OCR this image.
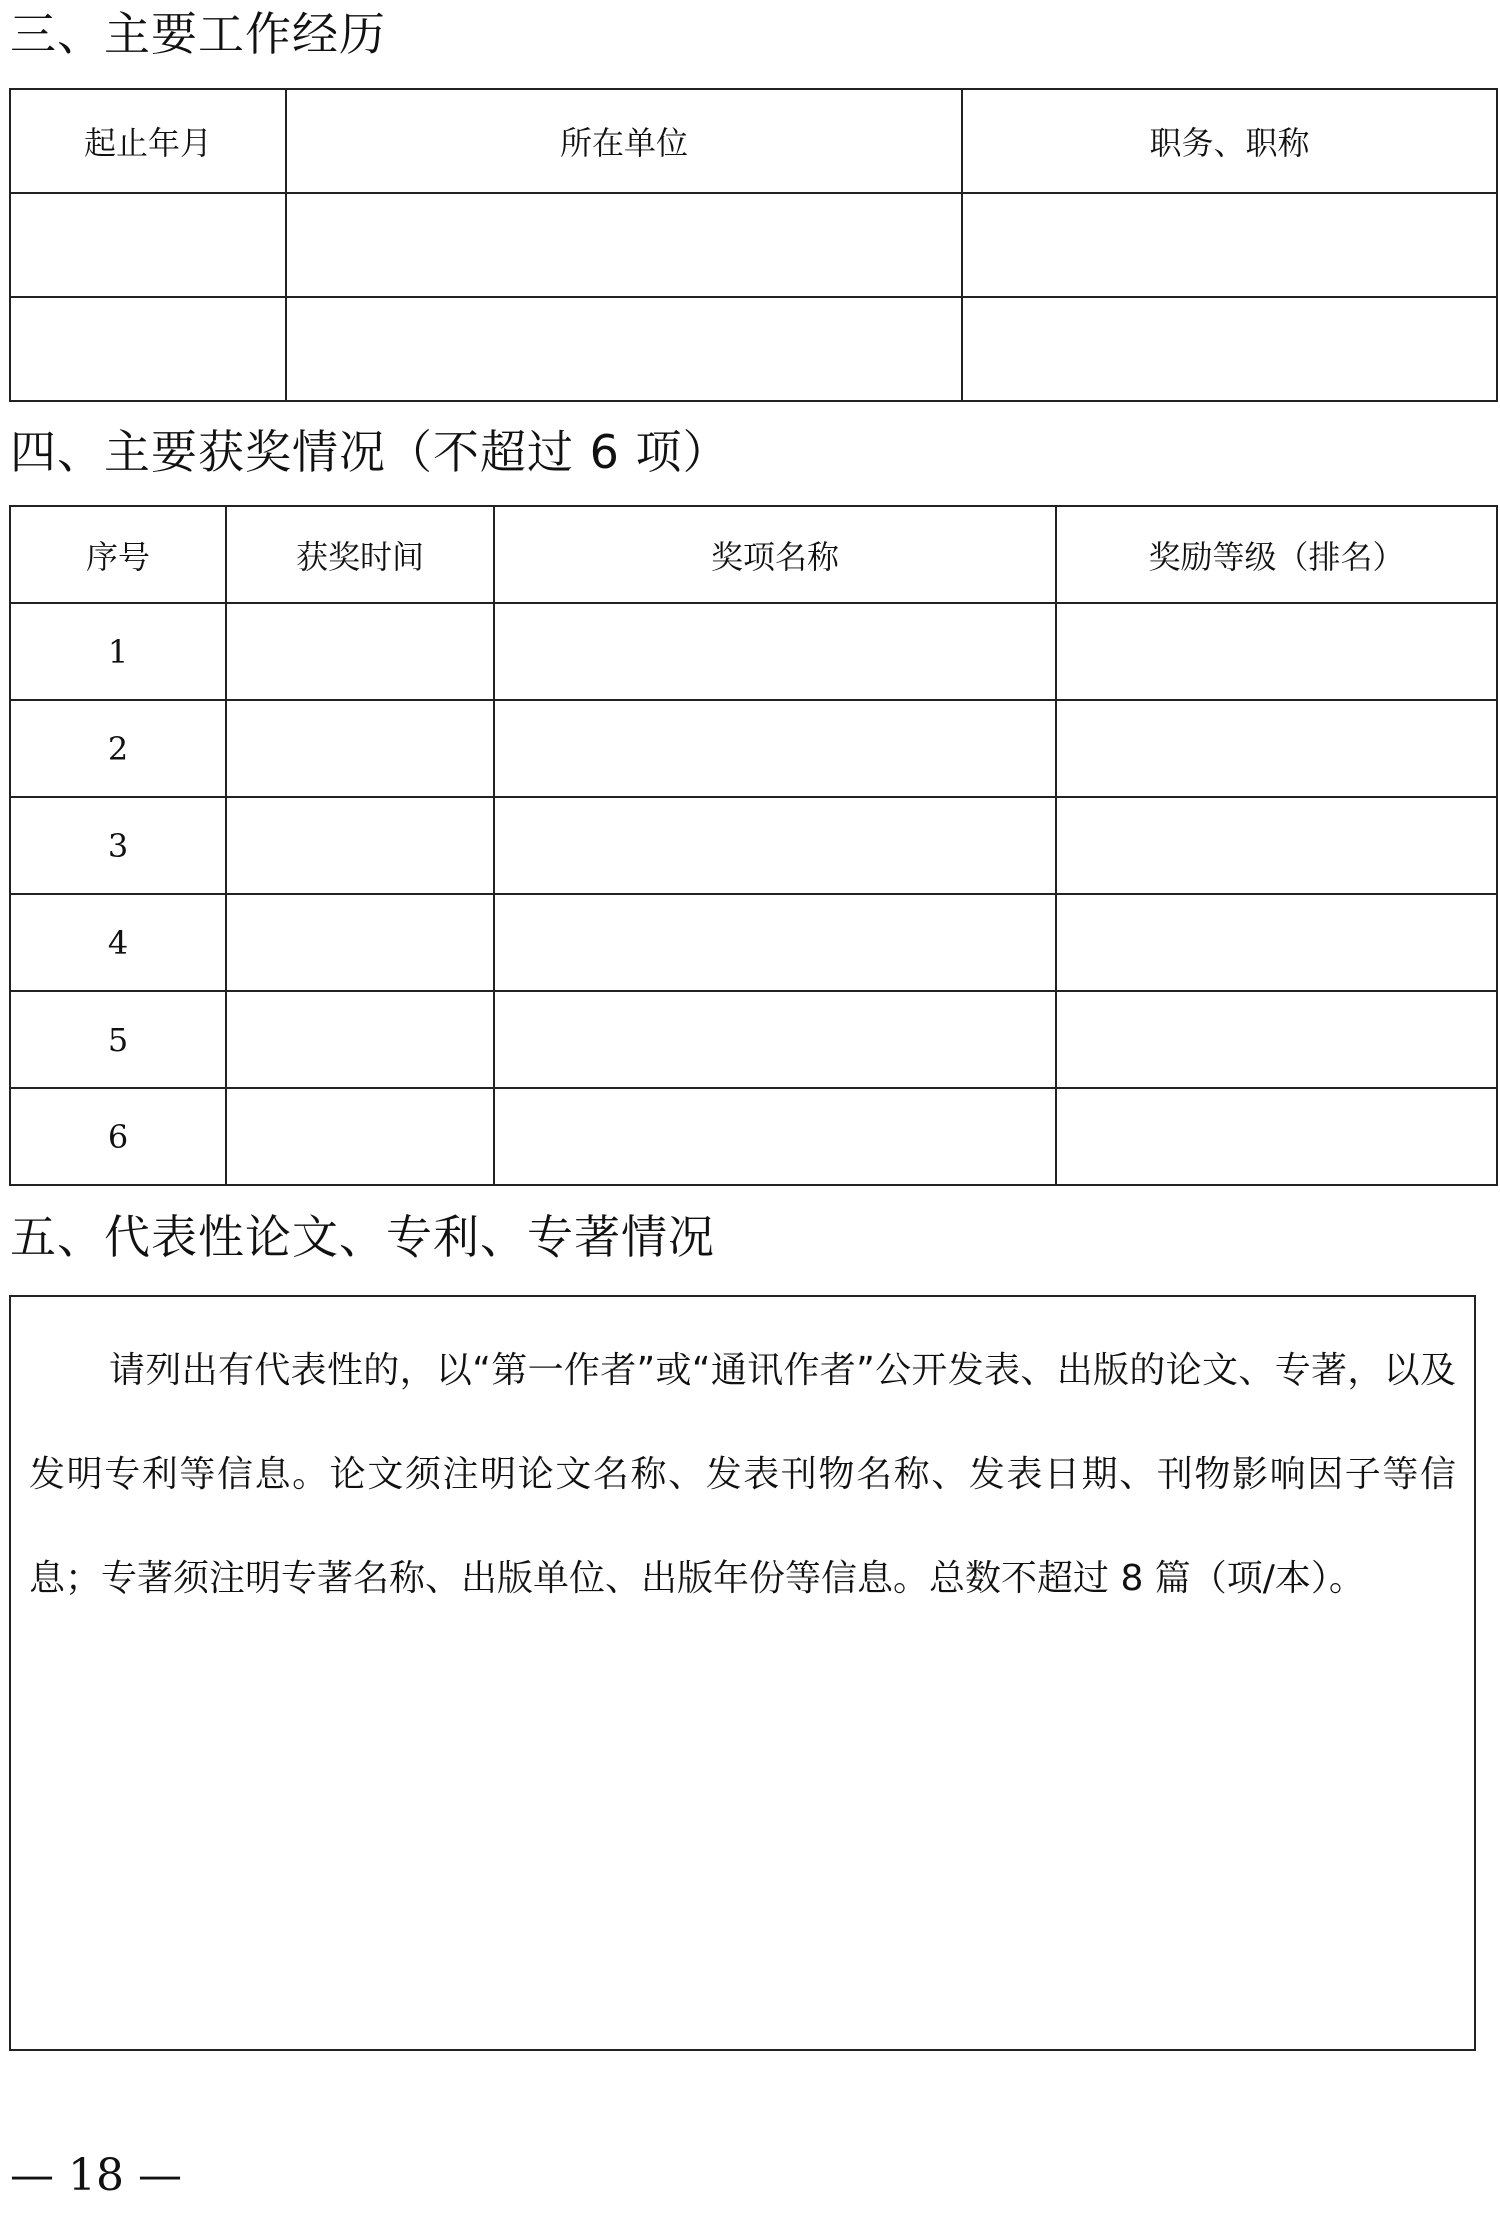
三、主要工作经历
起止年月	所在单位	职务、职称

四、主要获奖情况（不超过 6 项）
序号	获奖时间	奖项名称	奖励等级（排名）
1			
2			
3			
4			
5			
6			
五、代表性论文、专利、专著情况

请列出有代表性的，以“第一作者”或“通讯作者”公开发表、出版的论文、专著，以及发明专利等信息。论文须注明论文名称、发表刊物名称、发表日期、刊物影响因子等信息；专著须注明专著名称、出版单位、出版年份等信息。总数不超过 8 篇（项/本）。

— 18 —
